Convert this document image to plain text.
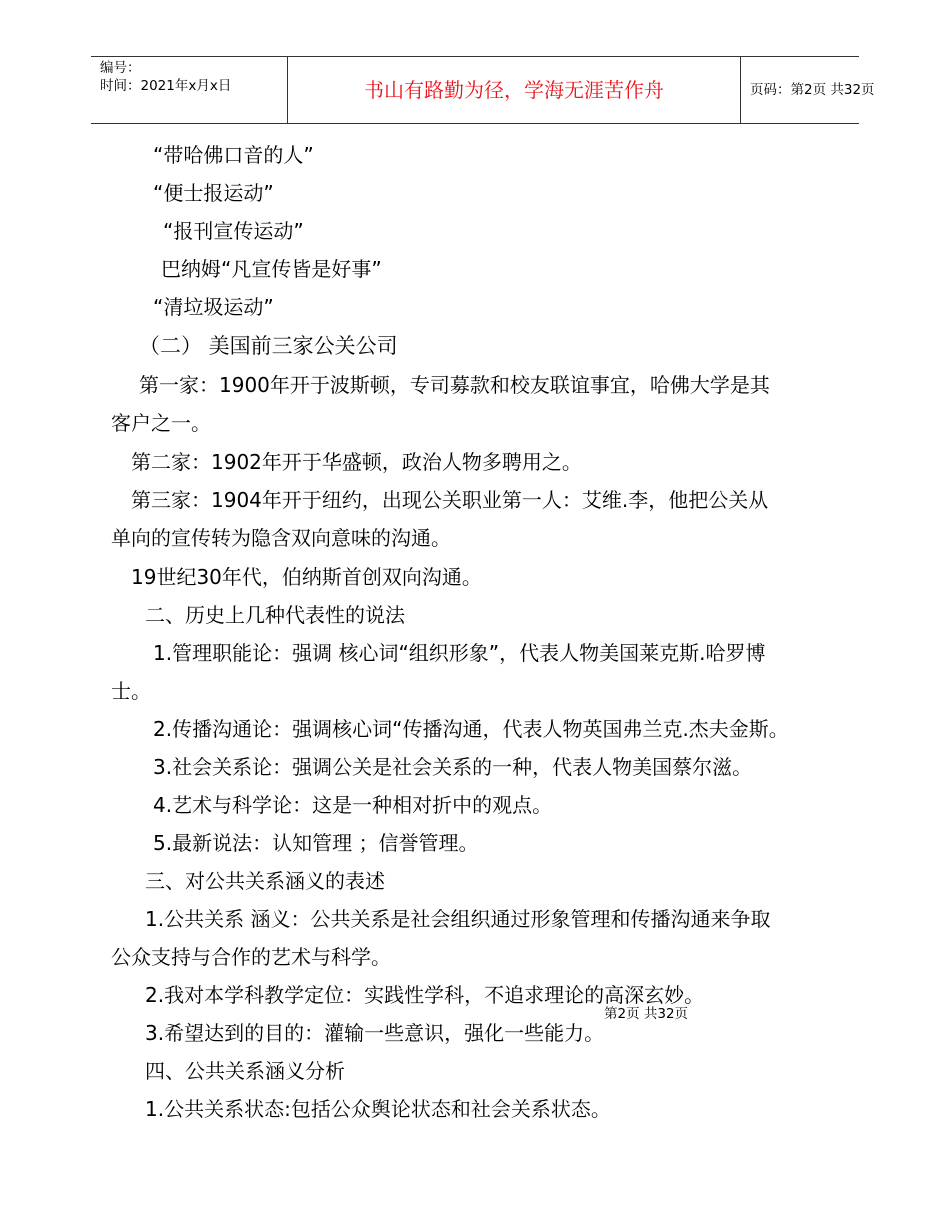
编号：
时间：2021年x月x日	书山有路勤为径，学海无涯苦作舟	页码：第2页 共32页
“带哈佛口音的人”
“便士报运动”
“报刊宣传运动”
巴纳姆“凡宣传皆是好事”
“清垃圾运动”
（二） 美国前三家公关公司
第一家：1900年开于波斯顿，专司募款和校友联谊事宜，哈佛大学是其
客户之一。
第二家：1902年开于华盛顿，政治人物多聘用之。
第三家：1904年开于纽约，出现公关职业第一人：艾维.李，他把公关从
单向的宣传转为隐含双向意味的沟通。
19世纪30年代，伯纳斯首创双向沟通。
二、历史上几种代表性的说法
1.管理职能论：强调 核心词“组织形象”，代表人物美国莱克斯.哈罗博
士。
2.传播沟通论：强调核心词“传播沟通，代表人物英国弗兰克.杰夫金斯。
3.社会关系论：强调公关是社会关系的一种，代表人物美国蔡尔滋。
4.艺术与科学论：这是一种相对折中的观点。
5.最新说法：认知管理 ；信誉管理。
三、对公共关系涵义的表述
1.公共关系 涵义：公共关系是社会组织通过形象管理和传播沟通来争取
公众支持与合作的艺术与科学。
2.我对本学科教学定位：实践性学科，不追求理论的高深玄妙。
3.希望达到的目的：灌输一些意识，强化一些能力。
四、公共关系涵义分析
1.公共关系状态:包括公众舆论状态和社会关系状态。
第2页 共32页
